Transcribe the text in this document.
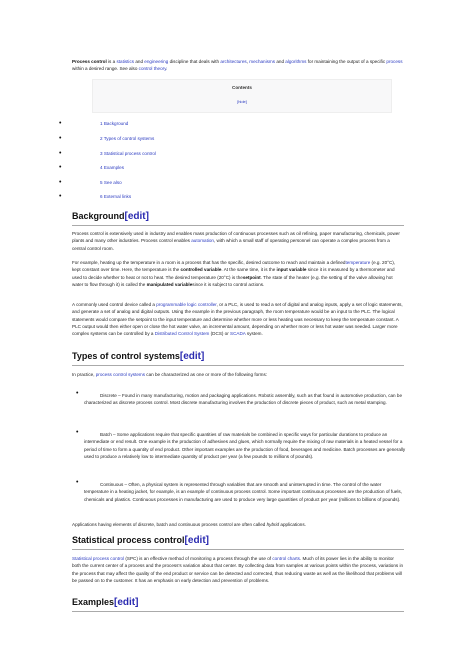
Process control is a statistics and engineering discipline that deals with architectures, mechanisms and algorithms for maintaining the output of a specific process within a desired range. See also control theory.

Contents
[hide]
•	1 Background
•	2 Types of control systems
•	3 Statistical process control
•	4 Examples
•	5 See also
•	6 External links
Background[edit]

Process control is extensively used in industry and enables mass production of continuous processes such as oil refining, paper manufacturing, chemicals, power plants and many other industries. Process control enables automation, with which a small staff of operating personnel can operate a complex process from a central control room.

For example, heating up the temperature in a room is a process that has the specific, desired outcome to reach and maintain a definedtemperature (e.g. 20°C), kept constant over time. Here, the temperature is the controlled variable. At the same time, it is the input variable since it is measured by a thermometer and used to decide whether to heat or not to heat. The desired temperature (20°C) is thesetpoint. The state of the heater (e.g. the setting of the valve allowing hot water to flow through it) is called the manipulated variablesince it is subject to control actions.

A commonly used control device called a programmable logic controller, or a PLC, is used to read a set of digital and analog inputs, apply a set of logic statements, and generate a set of analog and digital outputs. Using the example in the previous paragraph, the room temperature would be an input to the PLC. The logical statements would compare the setpoint to the input temperature and determine whether more or less heating was necessary to keep the temperature constant. A PLC output would then either open or close the hot water valve, an incremental amount, depending on whether more or less hot water was needed. Larger more complex systems can be controlled by a Distributed Control System (DCS) or SCADA system.

Types of control systems[edit]

In practice, process control systems can be characterized as one or more of the following forms:

•	Discrete – Found in many manufacturing, motion and packaging applications. Robotic assembly, such as that found in automotive production, can be characterized as discrete process control. Most discrete manufacturing involves the production of discrete pieces of product, such as metal stamping.

•	Batch – Some applications require that specific quantities of raw materials be combined in specific ways for particular durations to produce an intermediate or end result. One example is the production of adhesives and glues, which normally require the mixing of raw materials in a heated vessel for a period of time to form a quantity of end product. Other important examples are the production of food, beverages and medicine. Batch processes are generally used to produce a relatively low to intermediate quantity of product per year (a few pounds to millions of pounds).

•	Continuous – Often, a physical system is represented through variables that are smooth and uninterrupted in time. The control of the water temperature in a heating jacket, for example, is an example of continuous process control. Some important continuous processes are the production of fuels, chemicals and plastics. Continuous processes in manufacturing are used to produce very large quantities of product per year (millions to billions of pounds).

Applications having elements of discrete, batch and continuous process control are often called hybrid applications.

Statistical process control[edit]

Statistical process control (SPC) is an effective method of monitoring a process through the use of control charts. Much of its power lies in the ability to monitor both the current center of a process and the process's variation about that center. By collecting data from samples at various points within the process, variations in the process that may affect the quality of the end product or service can be detected and corrected, thus reducing waste as well as the likelihood that problems will be passed on to the customer. It has an emphasis on early detection and prevention of problems.

Examples[edit]
